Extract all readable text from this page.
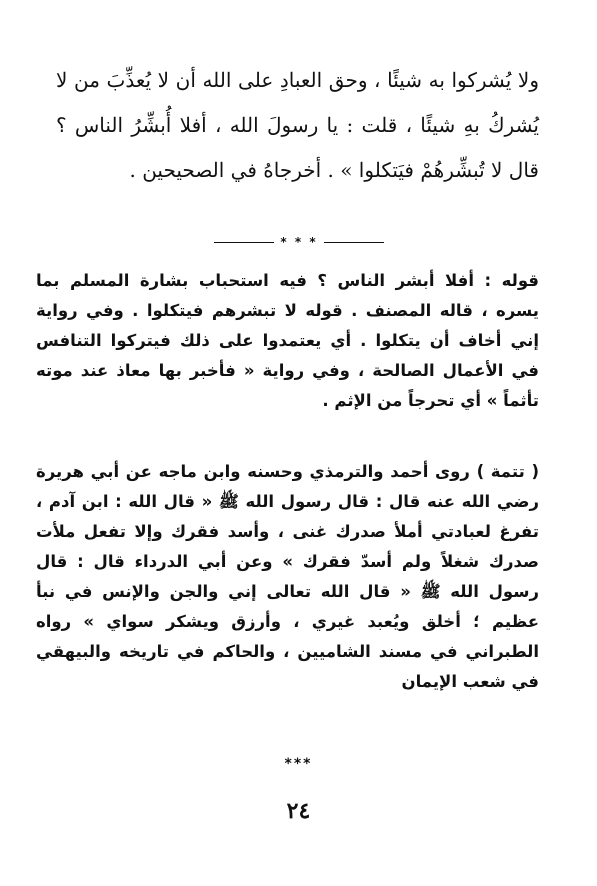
ولا يُشركوا به شيئًا ، وحق العبادِ على الله أن لا يُعذِّبَ من لا يُشركُ بهِ شيئًا ، قلت : يا رسولَ الله ، أفلا أُبشِّرُ الناس ؟ قال لا تُبشِّرهُمْ فيَتكلوا » . أخرجاهُ في الصحيحين .

* * *

قوله : أفلا أبشر الناس ؟ فيه استحباب بشارة المسلم بما يسره ، قاله المصنف . قوله لا تبشرهم فيتكلوا . وفي رواية إني أخاف أن يتكلوا . أي يعتمدوا على ذلك فيتركوا التنافس في الأعمال الصالحة ، وفي رواية « فأخبر بها معاذ عند موته تأثماً » أي تحرجاً من الإثم .

( تتمة ) روى أحمد والترمذي وحسنه وابن ماجه عن أبي هريرة رضي الله عنه قال : قال رسول الله ﷺ « قال الله : ابن آدم ، تفرغ لعبادتي أملأ صدرك غنى ، وأسد فقرك وإلا تفعل ملأت صدرك شغلاً ولم أسدّ فقرك » وعن أبي الدرداء قال : قال رسول الله ﷺ « قال الله تعالى إني والجن والإنس في نبأ عظيم ؛ أخلق ويُعبد غيري ، وأرزق ويشكر سواي » رواه الطبراني في مسند الشاميين ، والحاكم في تاريخه والبيهقي في شعب الإيمان

***
٢٤
